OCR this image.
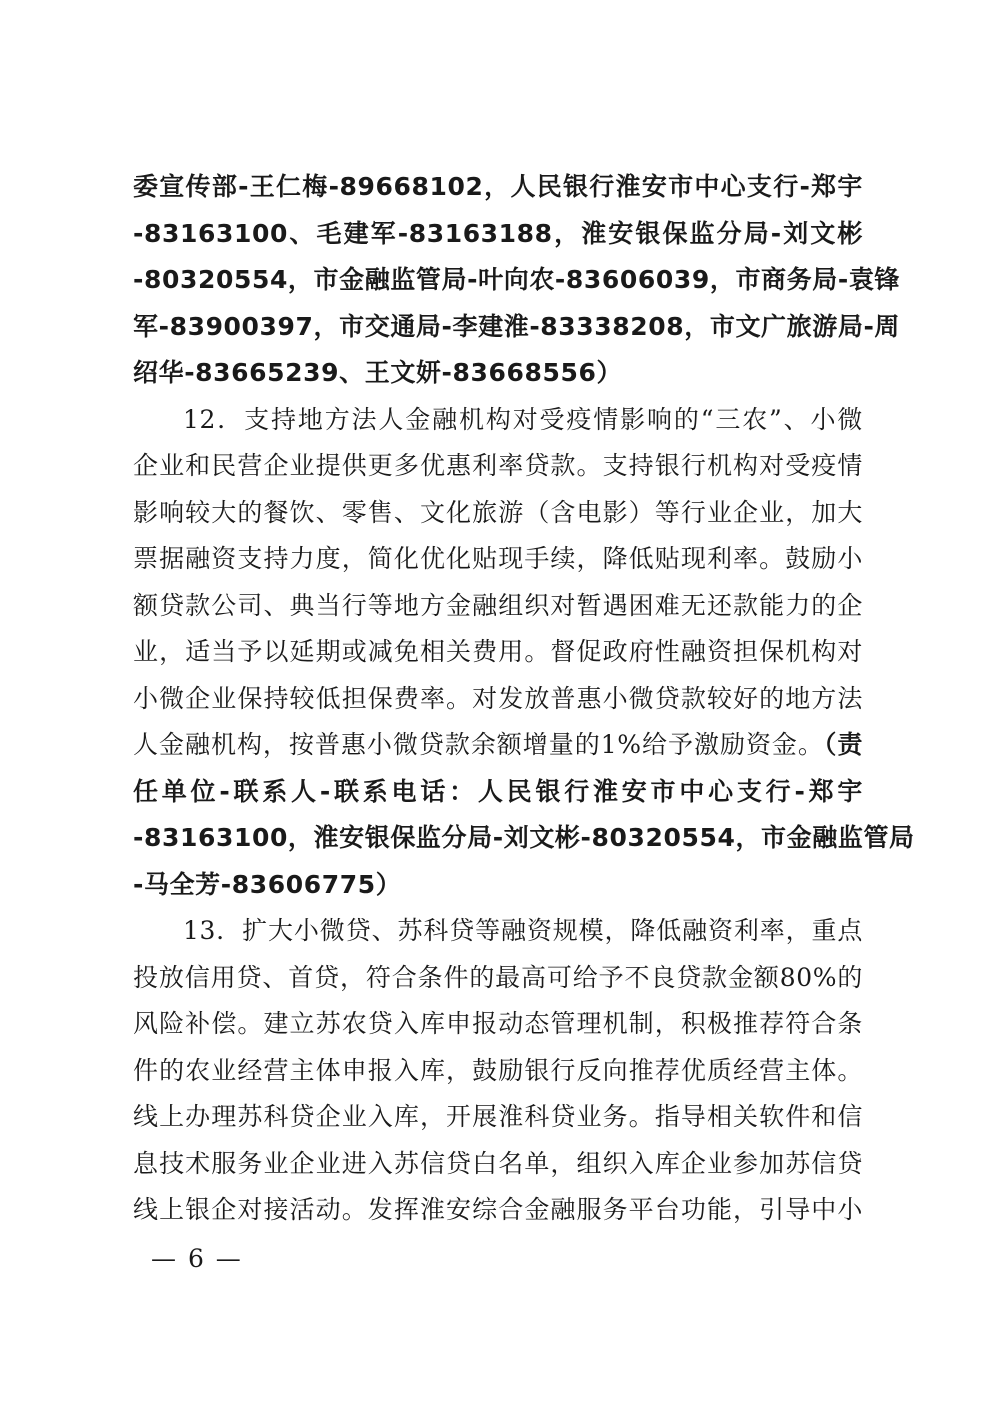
委宣传部-王仁梅-89668102，人民银行淮安市中心支行-郑宇
-83163100、毛建军-83163188，淮安银保监分局-刘文彬
-80320554，市金融监管局-叶向农-83606039，市商务局-袁锋
军-83900397，市交通局-李建淮-83338208，市文广旅游局-周
绍华-83665239、王文妍-83668556）
12．支持地方法人金融机构对受疫情影响的“三农”、小微
企业和民营企业提供更多优惠利率贷款。支持银行机构对受疫情
影响较大的餐饮、零售、文化旅游（含电影）等行业企业，加大
票据融资支持力度，简化优化贴现手续，降低贴现利率。鼓励小
额贷款公司、典当行等地方金融组织对暂遇困难无还款能力的企
业，适当予以延期或减免相关费用。督促政府性融资担保机构对
小微企业保持较低担保费率。对发放普惠小微贷款较好的地方法
人金融机构，按普惠小微贷款余额增量的1%给予激励资金。（责
任单位-联系人-联系电话：人民银行淮安市中心支行-郑宇
-83163100，淮安银保监分局-刘文彬-80320554，市金融监管局
-马全芳-83606775）
13．扩大小微贷、苏科贷等融资规模，降低融资利率，重点
投放信用贷、首贷，符合条件的最高可给予不良贷款金额80%的
风险补偿。建立苏农贷入库申报动态管理机制，积极推荐符合条
件的农业经营主体申报入库，鼓励银行反向推荐优质经营主体。
线上办理苏科贷企业入库，开展淮科贷业务。指导相关软件和信
息技术服务业企业进入苏信贷白名单，组织入库企业参加苏信贷
线上银企对接活动。发挥淮安综合金融服务平台功能，引导中小
— 6 —
